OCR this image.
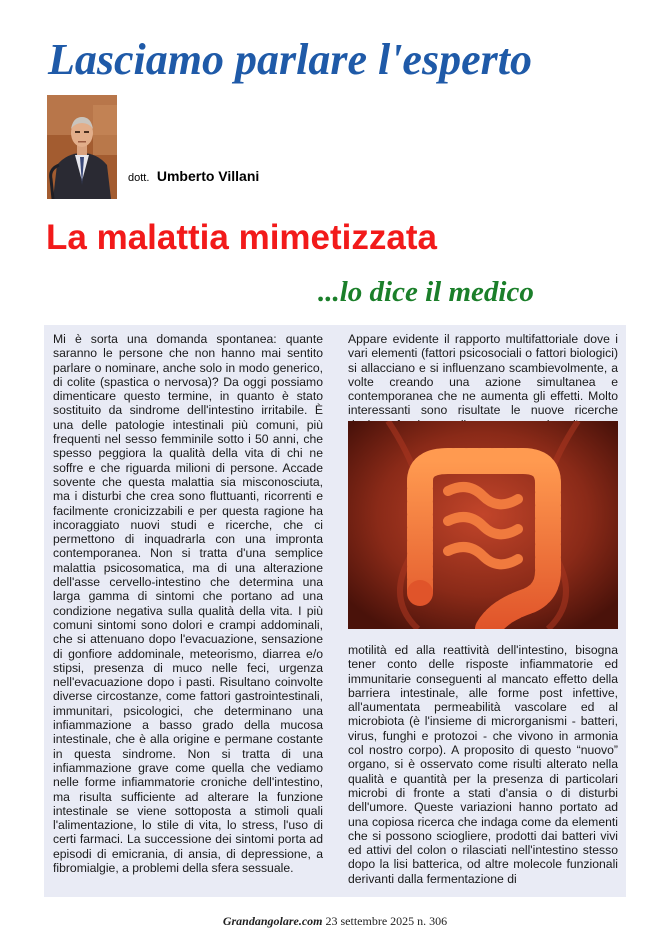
Lasciamo parlare l'esperto
dott. Umberto Villani
La malattia mimetizzata
...lo dice il medico

Mi è sorta una domanda spontanea: quante saranno le persone che non hanno mai sentito parlare o nominare, anche solo in modo generico, di colite (spastica o nervosa)? Da oggi possiamo dimenticare questo termine, in quanto è stato sostituito da sindrome dell'intestino irritabile. È una delle patologie intestinali più comuni, più frequenti nel sesso femminile sotto i 50 anni, che spesso peggiora la qualità della vita di chi ne soffre e che riguarda milioni di persone. Accade sovente che questa malattia sia misconosciuta, ma i disturbi che crea sono fluttuanti, ricorrenti e facilmente cronicizzabili e per questa ragione ha incoraggiato nuovi studi e ricerche, che ci permettono di inquadrarla con una impronta contemporanea. Non si tratta d'una semplice malattia psicosomatica, ma di una alterazione dell'asse cervello-intestino che determina una larga gamma di sintomi che portano ad una condizione negativa sulla qualità della vita. I più comuni sintomi sono dolori e crampi addominali, che si attenuano dopo l'evacuazione, sensazione di gonfiore addominale, meteorismo, diarrea e/o stipsi, presenza di muco nelle feci, urgenza nell'evacuazione dopo i pasti. Risultano coinvolte diverse circostanze, come fattori gastrointestinali, immunitari, psicologici, che determinano una infiammazione a basso grado della mucosa intestinale, che è alla origine e permane costante in questa sindrome. Non si tratta di una infiammazione grave come quella che vediamo nelle forme infiammatorie croniche dell'intestino, ma risulta sufficiente ad alterare la funzione intestinale se viene sottoposta a stimoli quali l'alimentazione, lo stile di vita, lo stress, l'uso di certi farmaci. La successione dei sintomi porta ad episodi di emicrania, di ansia, di depressione, a fibromialgie, a problemi della sfera sessuale.

Appare evidente il rapporto multifattoriale dove i vari elementi (fattori psicosociali o fattori biologici) si allacciano e si influenzano scambievolmente, a volte creando una azione simultanea e contemporanea che ne aumenta gli effetti. Molto interessanti sono risultate le nuove ricerche

motilità ed alla reattività dell'intestino, bisogna tener conto delle risposte infiammatorie ed immunitarie conseguenti al mancato effetto della barriera intestinale, alle forme post infettive, all'aumentata permeabilità vascolare ed al microbiota (è l'insieme di microrganismi - batteri, virus, funghi e protozoi - che vivono in armonia col nostro corpo). A proposito di questo “nuovo” organo, si è osservato come risulti alterato nella qualità e quantità per la presenza di particolari microbi di fronte a stati d'ansia o di disturbi dell'umore. Queste variazioni hanno portato ad una copiosa ricerca che indaga come da elementi che si possono sciogliere, prodotti dai batteri vivi ed attivi del colon o rilasciati nell'intestino stesso dopo la lisi batterica, od altre molecole funzionali derivanti dalla fermentazione di

Grandangolare.com 23 settembre 2025 n. 306
